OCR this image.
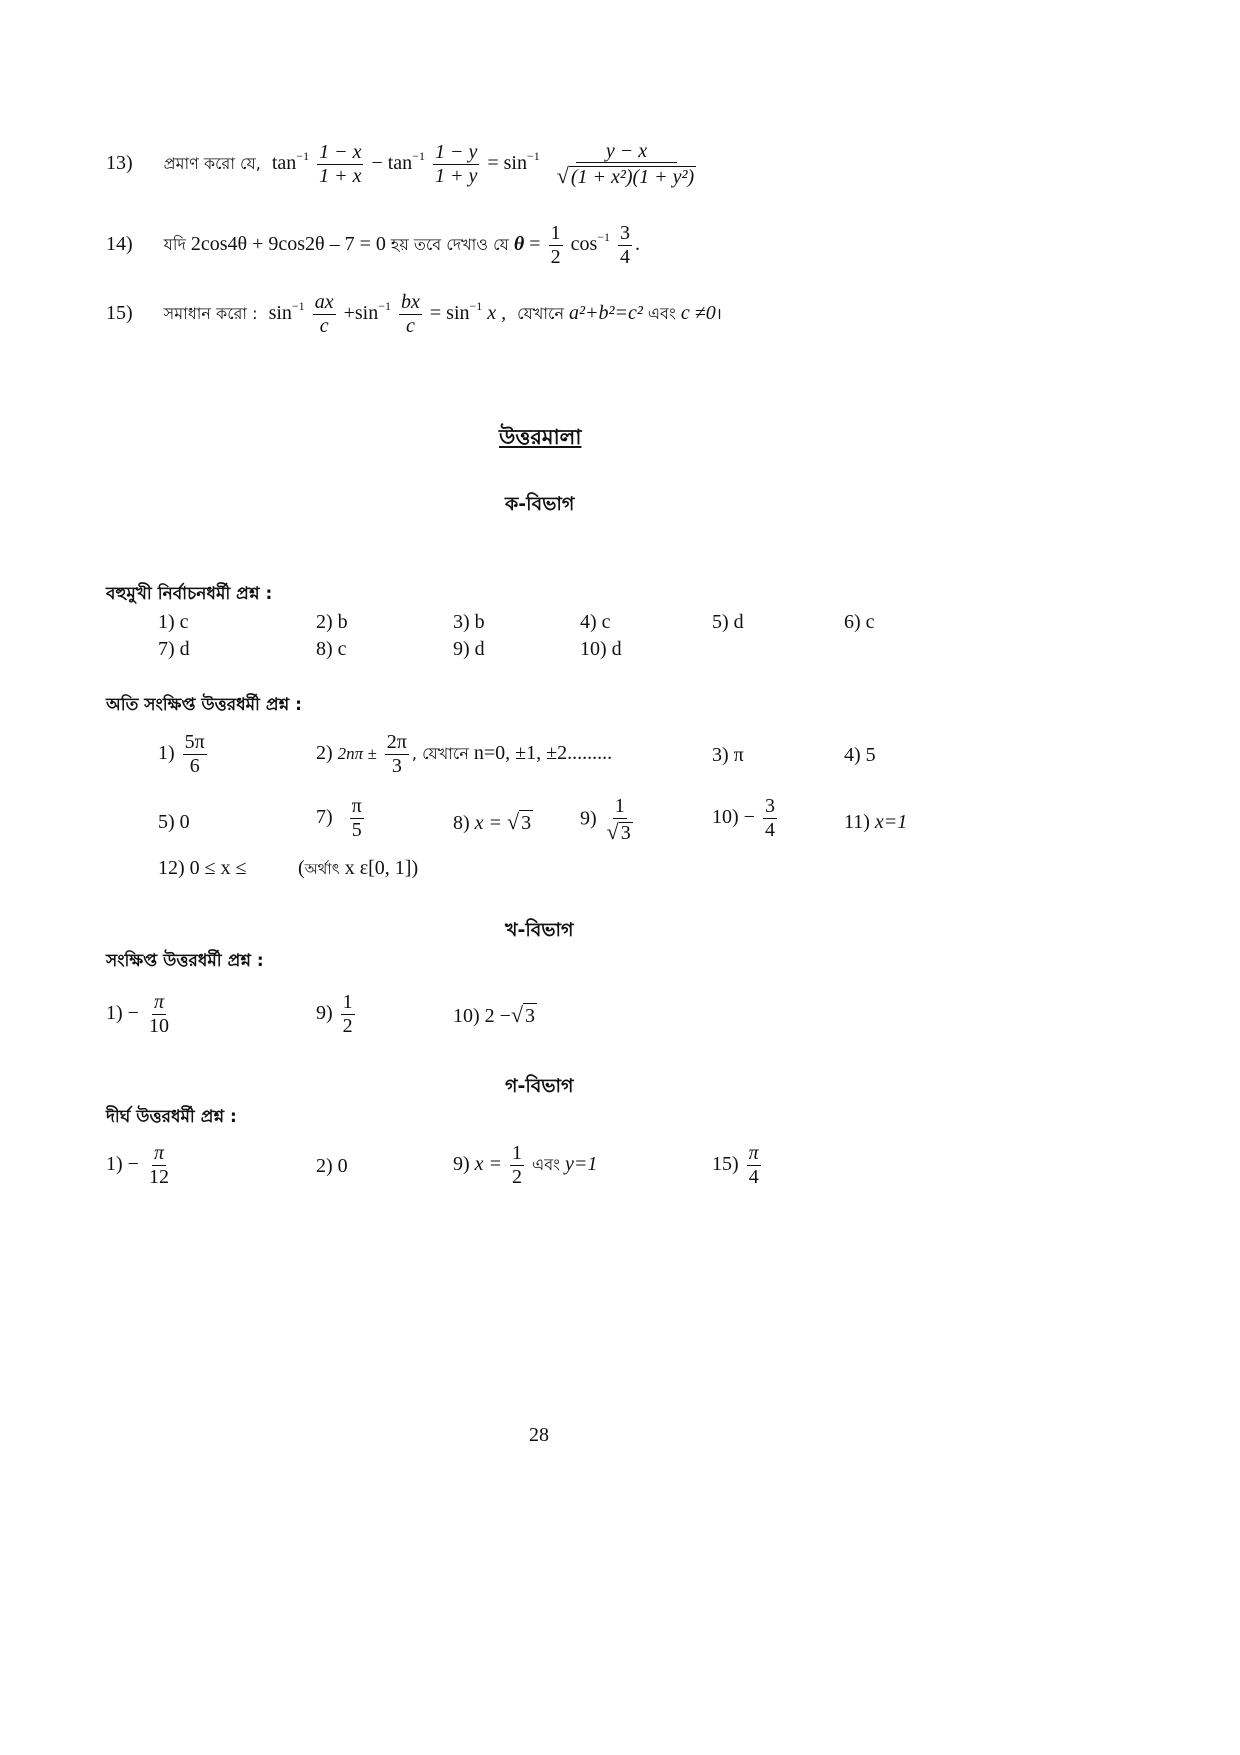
13) প্রমাণ করো যে, $\tan^{-1} \frac{1 - x}{1 + x} - \tan^{-1} \frac{1 - y}{1 + y} = \sin^{-1} \frac{y - x}{\text{√ (1 + x²)(1 + y²)}}$
14) যদি 2cos4θ + 9cos2θ – 7 = 0 হয় তবে দেখাও যে $\theta = \frac{1}{2} \cos^{-1} \frac{3}{4}$ .
15) সমাধান করো : $\sin^{-1} \frac{ax}{c} +\sin^{-1} \frac{bx}{c} = \sin^{-1} x$ , যেখানে a²+b²=c² এবং c ≠0।
উত্তরমালা
ক-বিভাগ
বহুমুখী নির্বাচনধর্মী প্রশ্ন :
1) c	2) b	3) b	4) c	5) d	6) c
7) d	8) c	9) d	10) d
অতি সংক্ষিপ্ত উত্তরধর্মী প্রশ্ন :
$1) \frac{5\pi}{6}$	2) $2n\pi \pm \frac{2\pi}{3}$ , যেখানে n=0, ±1, ±2.........	3) π	4) 5
5) 0	$7) \frac{\pi}{5}$	8) x = √ 3 $9) \frac{1}{√ 3}$	$10) - \frac{3}{4}$	11) x=1
12) 0 ≤ x ≤	(অর্থাৎ x ε[0, 1])
খ-বিভাগ
সংক্ষিপ্ত উত্তরধর্মী প্রশ্ন :
$1) - \frac{\pi}{10}$	$9) \frac{1}{2}$	10) 2 −√ 3
গ-বিভাগ
দীর্ঘ উত্তরধর্মী প্রশ্ন :
$1) - \frac{\pi}{12}$	2) 0	9) $x = \frac{1}{2}$ এবং y=1	$15) \frac{\pi}{4}$
28
